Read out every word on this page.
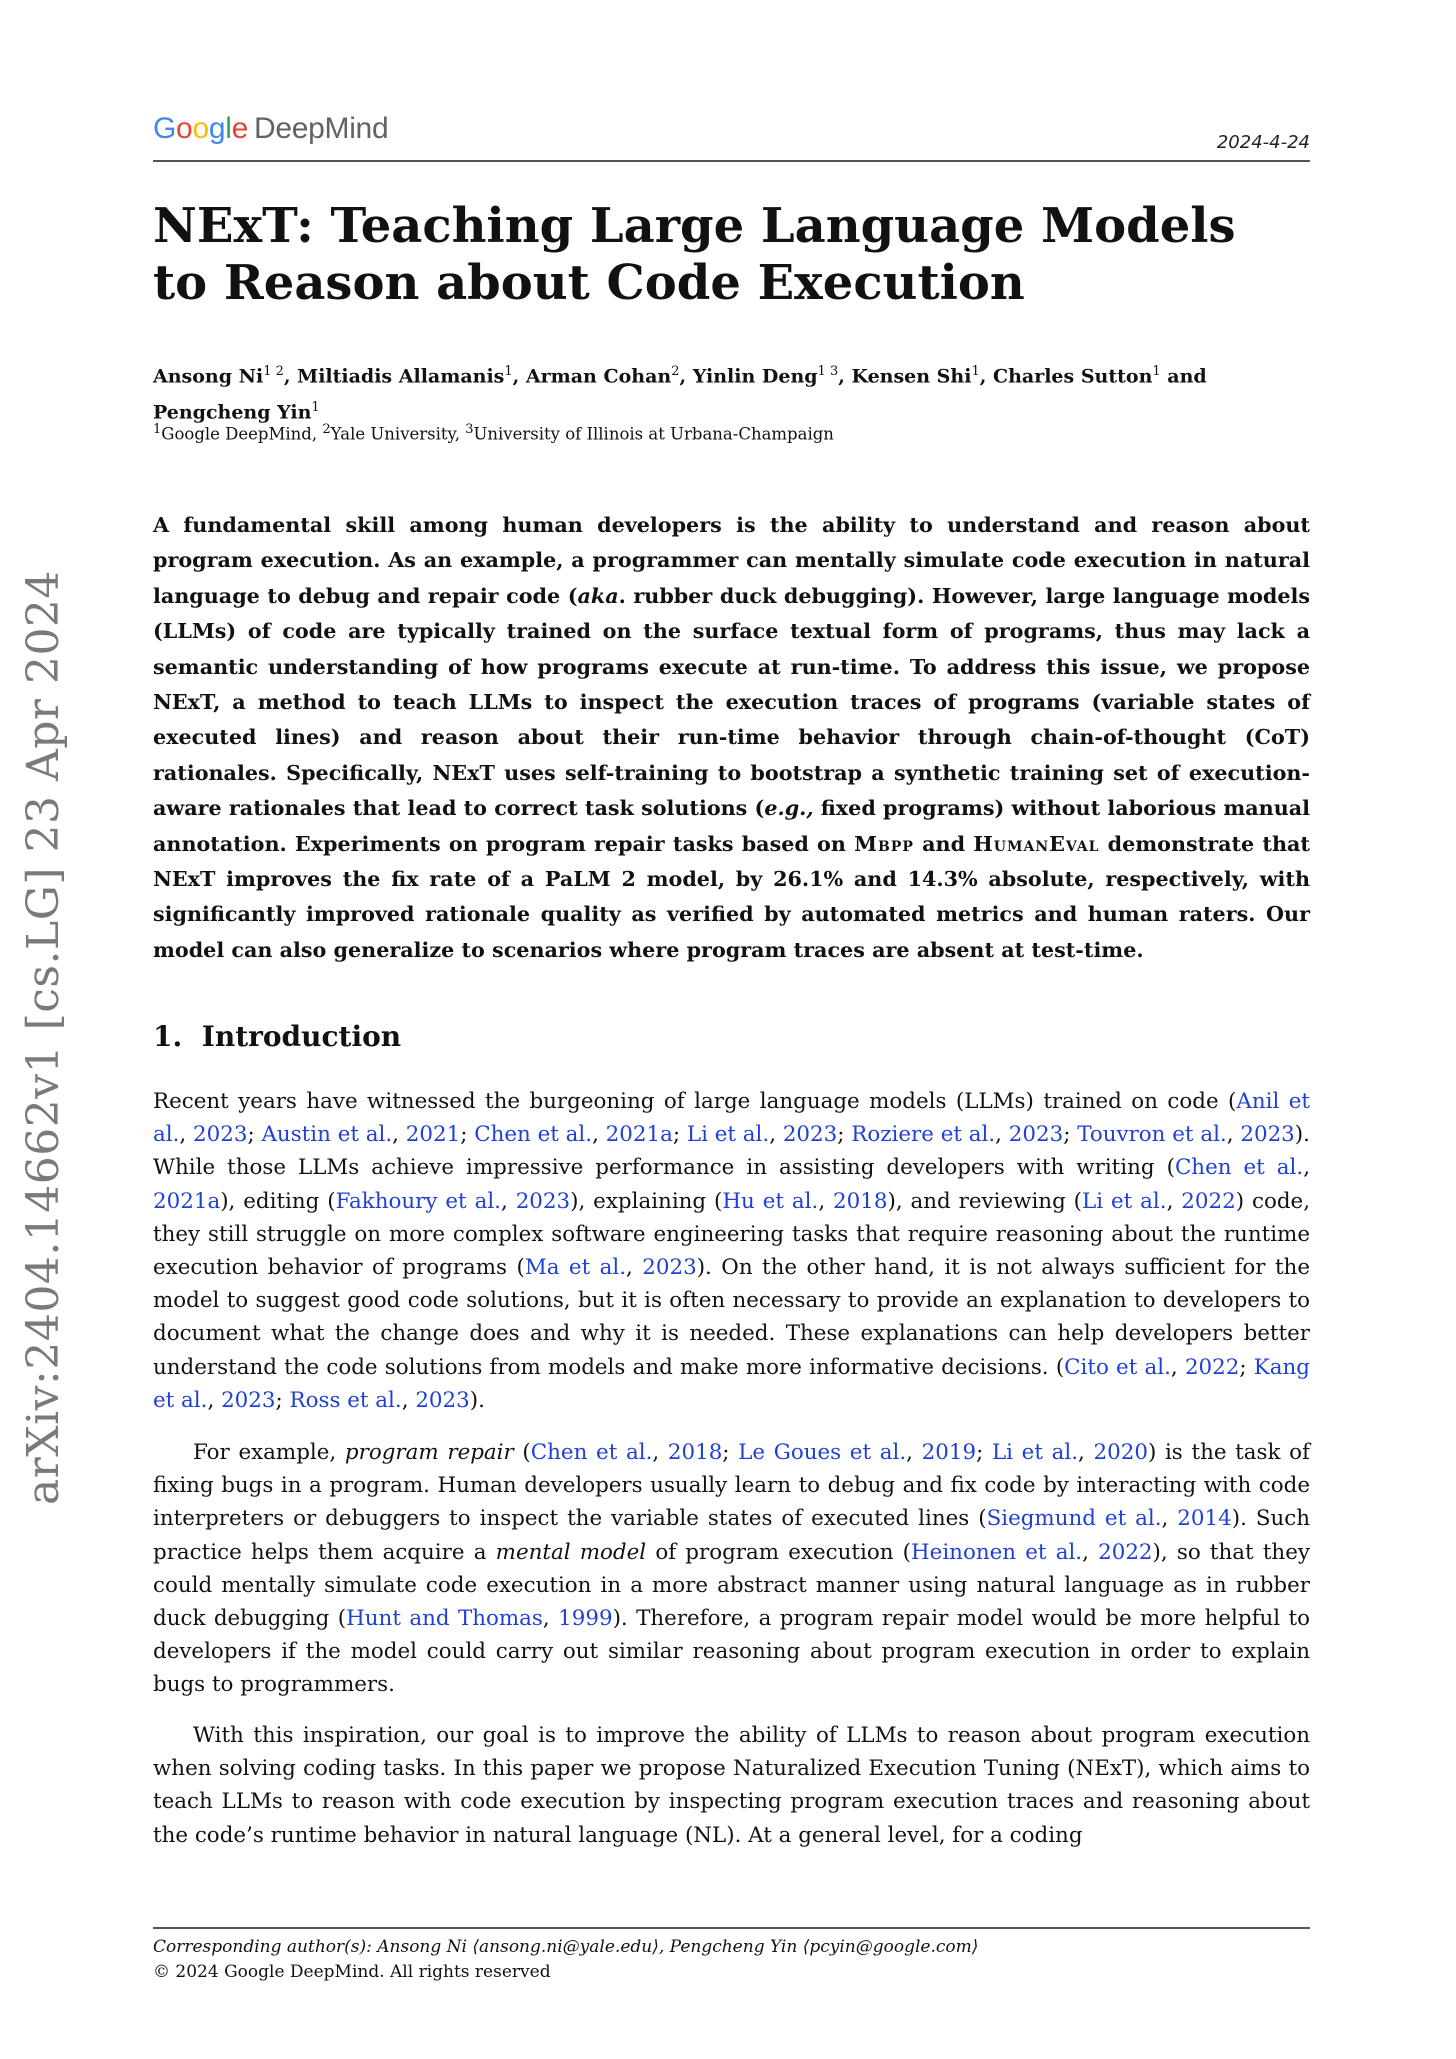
Google DeepMind	2024-4-24
arXiv:2404.14662v1 [cs.LG] 23 Apr 2024
NExT: Teaching Large Language Models to Reason about Code Execution
Ansong $Ni^{1 2}$, Miltiadis Allamanis$^1$, Arman Cohan$^2$, Yinlin Deng$^{1 3}$, Kensen Shi$^1$, Charles Sutton$^1$ and Pengcheng Yin$^1$
$^1$Google DeepMind, $^2$Yale University, $^3$University of Illinois at Urbana-Champaign
A fundamental skill among human developers is the ability to understand and reason about program execution. As an example, a programmer can mentally simulate code execution in natural language to debug and repair code (aka. rubber duck debugging). However, large language models (LLMs) of code are typically trained on the surface textual form of programs, thus may lack a semantic understanding of how programs execute at run-time. To address this issue, we propose NExT, a method to teach LLMs to inspect the execution traces of programs (variable states of executed lines) and reason about their run-time behavior through chain-of-thought (CoT) rationales. Specifically, NExT uses self-training to bootstrap a synthetic training set of execution-aware rationales that lead to correct task solutions (e.g., fixed programs) without laborious manual annotation. Experiments on program repair tasks based on Mbpp and HumanEval demonstrate that NExT improves the fix rate of a PaLM 2 model, by 26.1% and 14.3% absolute, respectively, with significantly improved rationale quality as verified by automated metrics and human raters. Our model can also generalize to scenarios where program traces are absent at test-time.
1. Introduction
Recent years have witnessed the burgeoning of large language models (LLMs) trained on code (Anil et al., 2023; Austin et al., 2021; Chen et al., 2021a; Li et al., 2023; Roziere et al., 2023; Touvron et al., 2023). While those LLMs achieve impressive performance in assisting developers with writing (Chen et al., 2021a), editing (Fakhoury et al., 2023), explaining (Hu et al., 2018), and reviewing (Li et al., 2022) code, they still struggle on more complex software engineering tasks that require reasoning about the runtime execution behavior of programs (Ma et al., 2023). On the other hand, it is not always sufficient for the model to suggest good code solutions, but it is often necessary to provide an explanation to developers to document what the change does and why it is needed. These explanations can help developers better understand the code solutions from models and make more informative decisions. (Cito et al., 2022; Kang et al., 2023; Ross et al., 2023).
For example, program repair (Chen et al., 2018; Le Goues et al., 2019; Li et al., 2020) is the task of fixing bugs in a program. Human developers usually learn to debug and fix code by interacting with code interpreters or debuggers to inspect the variable states of executed lines (Siegmund et al., 2014). Such practice helps them acquire a mental model of program execution (Heinonen et al., 2022), so that they could mentally simulate code execution in a more abstract manner using natural language as in rubber duck debugging (Hunt and Thomas, 1999). Therefore, a program repair model would be more helpful to developers if the model could carry out similar reasoning about program execution in order to explain bugs to programmers.
With this inspiration, our goal is to improve the ability of LLMs to reason about program execution when solving coding tasks. In this paper we propose Naturalized Execution Tuning (NExT), which aims to teach LLMs to reason with code execution by inspecting program execution traces and reasoning about the code’s runtime behavior in natural language (NL). At a general level, for a coding
Corresponding author(s): Ansong Ni ⟨ansong.ni@yale.edu⟩, Pengcheng Yin ⟨pcyin@google.com⟩
© 2024 Google DeepMind. All rights reserved
